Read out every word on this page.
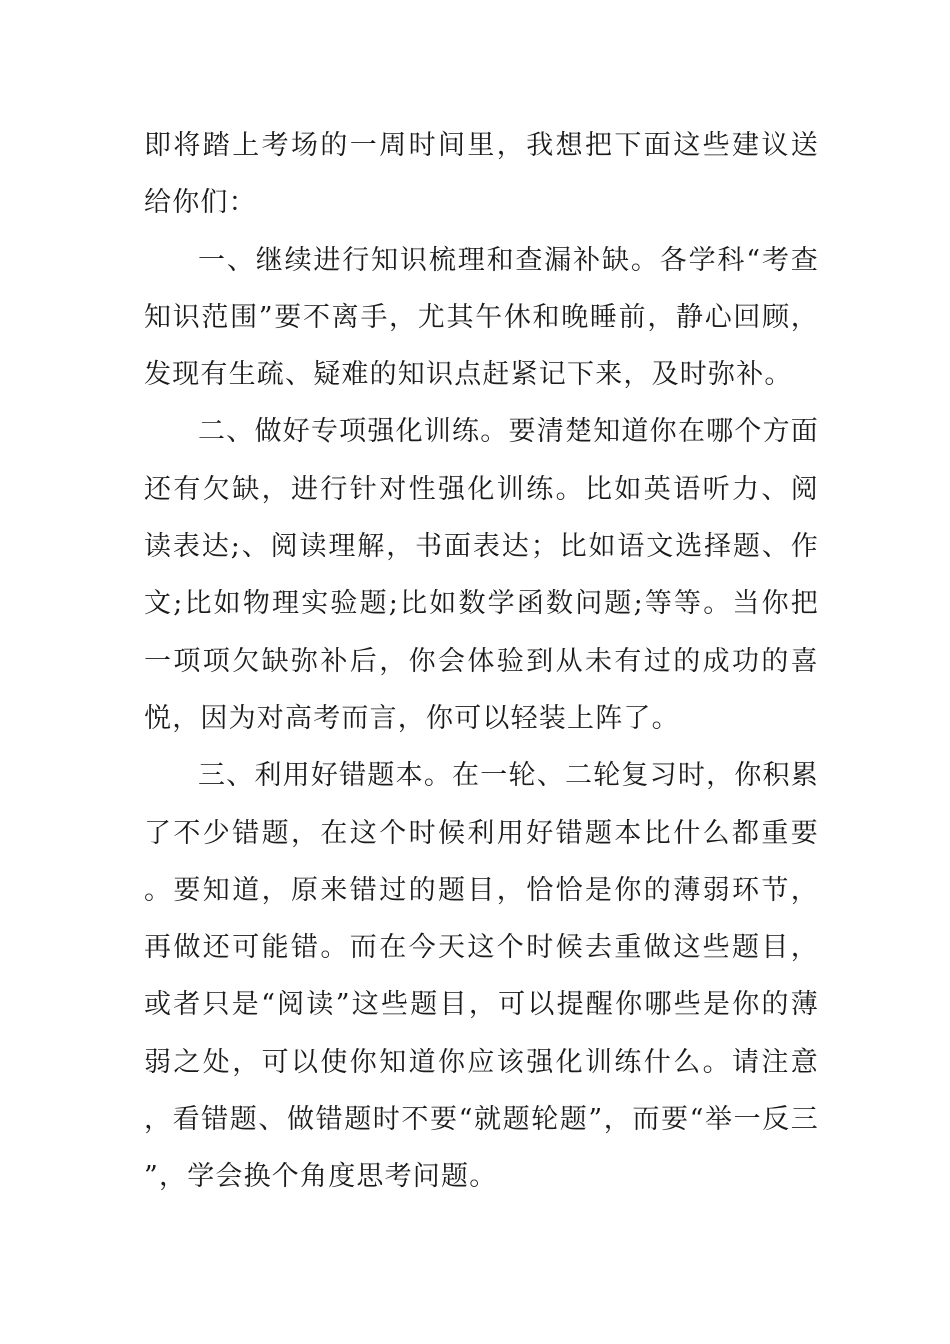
即将踏上考场的一周时间里，我想把下面这些建议送给你们：

一、继续进行知识梳理和查漏补缺。各学科“考查知识范围”要不离手，尤其午休和晚睡前，静心回顾，发现有生疏、疑难的知识点赶紧记下来，及时弥补。

二、做好专项强化训练。要清楚知道你在哪个方面还有欠缺，进行针对性强化训练。比如英语听力、阅读表达;、阅读理解，书面表达；比如语文选择题、作文;比如物理实验题;比如数学函数问题;等等。当你把一项项欠缺弥补后，你会体验到从未有过的成功的喜悦，因为对高考而言，你可以轻装上阵了。

三、利用好错题本。在一轮、二轮复习时，你积累了不少错题，在这个时候利用好错题本比什么都重要。要知道，原来错过的题目，恰恰是你的薄弱环节，再做还可能错。而在今天这个时候去重做这些题目，或者只是“阅读”这些题目，可以提醒你哪些是你的薄弱之处，可以使你知道你应该强化训练什么。请注意，看错题、做错题时不要“就题轮题”，而要“举一反三”，学会换个角度思考问题。
